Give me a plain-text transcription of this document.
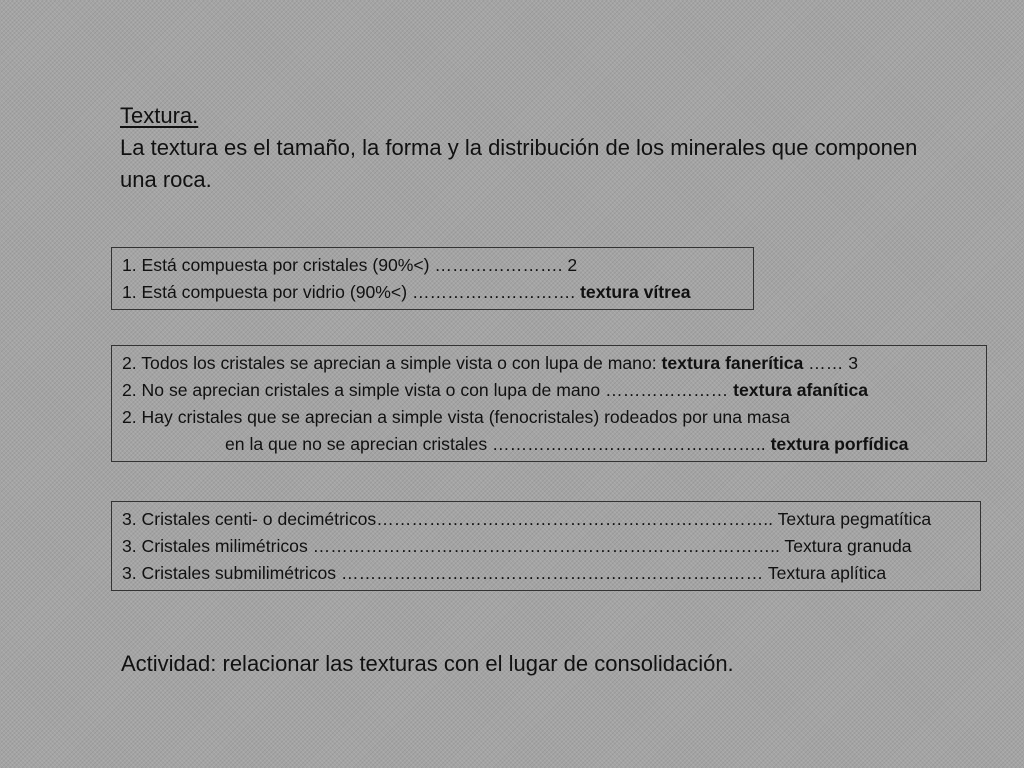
Textura.
La textura es el tamaño, la forma y la distribución de los minerales que componen una roca.
1. Está compuesta por cristales (90%<) …………………. 2
1. Está compuesta por vidrio (90%<) ………………………. textura vítrea
2. Todos los cristales se aprecian a simple vista o con lupa de mano: textura fanerítica …… 3
2. No se aprecian cristales a simple vista o con lupa de mano ………………… textura afanítica
2. Hay cristales que se aprecian a simple vista (fenocristales) rodeados por una masa
en la que no se aprecian cristales ……………………………………….. textura porfídica
3. Cristales centi- o decimétricos………………………………………………………….. Textura pegmatítica
3. Cristales milimétricos …………………………………………………………………….. Textura granuda
3. Cristales submilimétricos ……………………………………………………………… Textura aplítica
Actividad: relacionar las texturas con el lugar de consolidación.
